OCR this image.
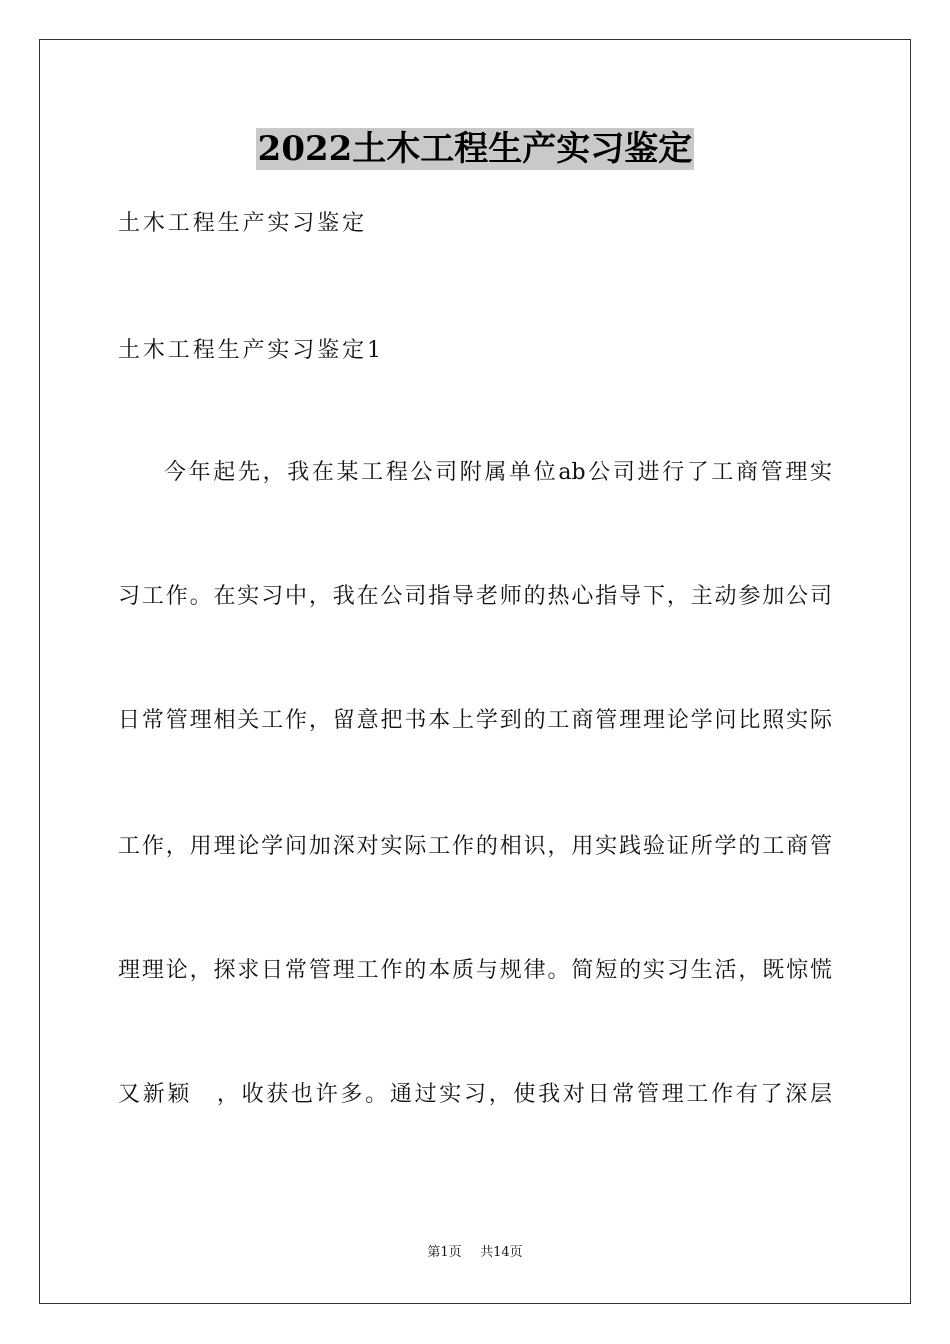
2022土木工程生产实习鉴定
土木工程生产实习鉴定
土木工程生产实习鉴定1
今年起先，我在某工程公司附属单位ab公司进行了工商管理实
习工作。在实习中，我在公司指导老师的热心指导下，主动参加公司
日常管理相关工作，留意把书本上学到的工商管理理论学问比照实际
工作，用理论学问加深对实际工作的相识，用实践验证所学的工商管
理理论，探求日常管理工作的本质与规律。简短的实习生活，既惊慌
又新颖　，收获也许多。通过实习，使我对日常管理工作有了深层
第1页 共14页
